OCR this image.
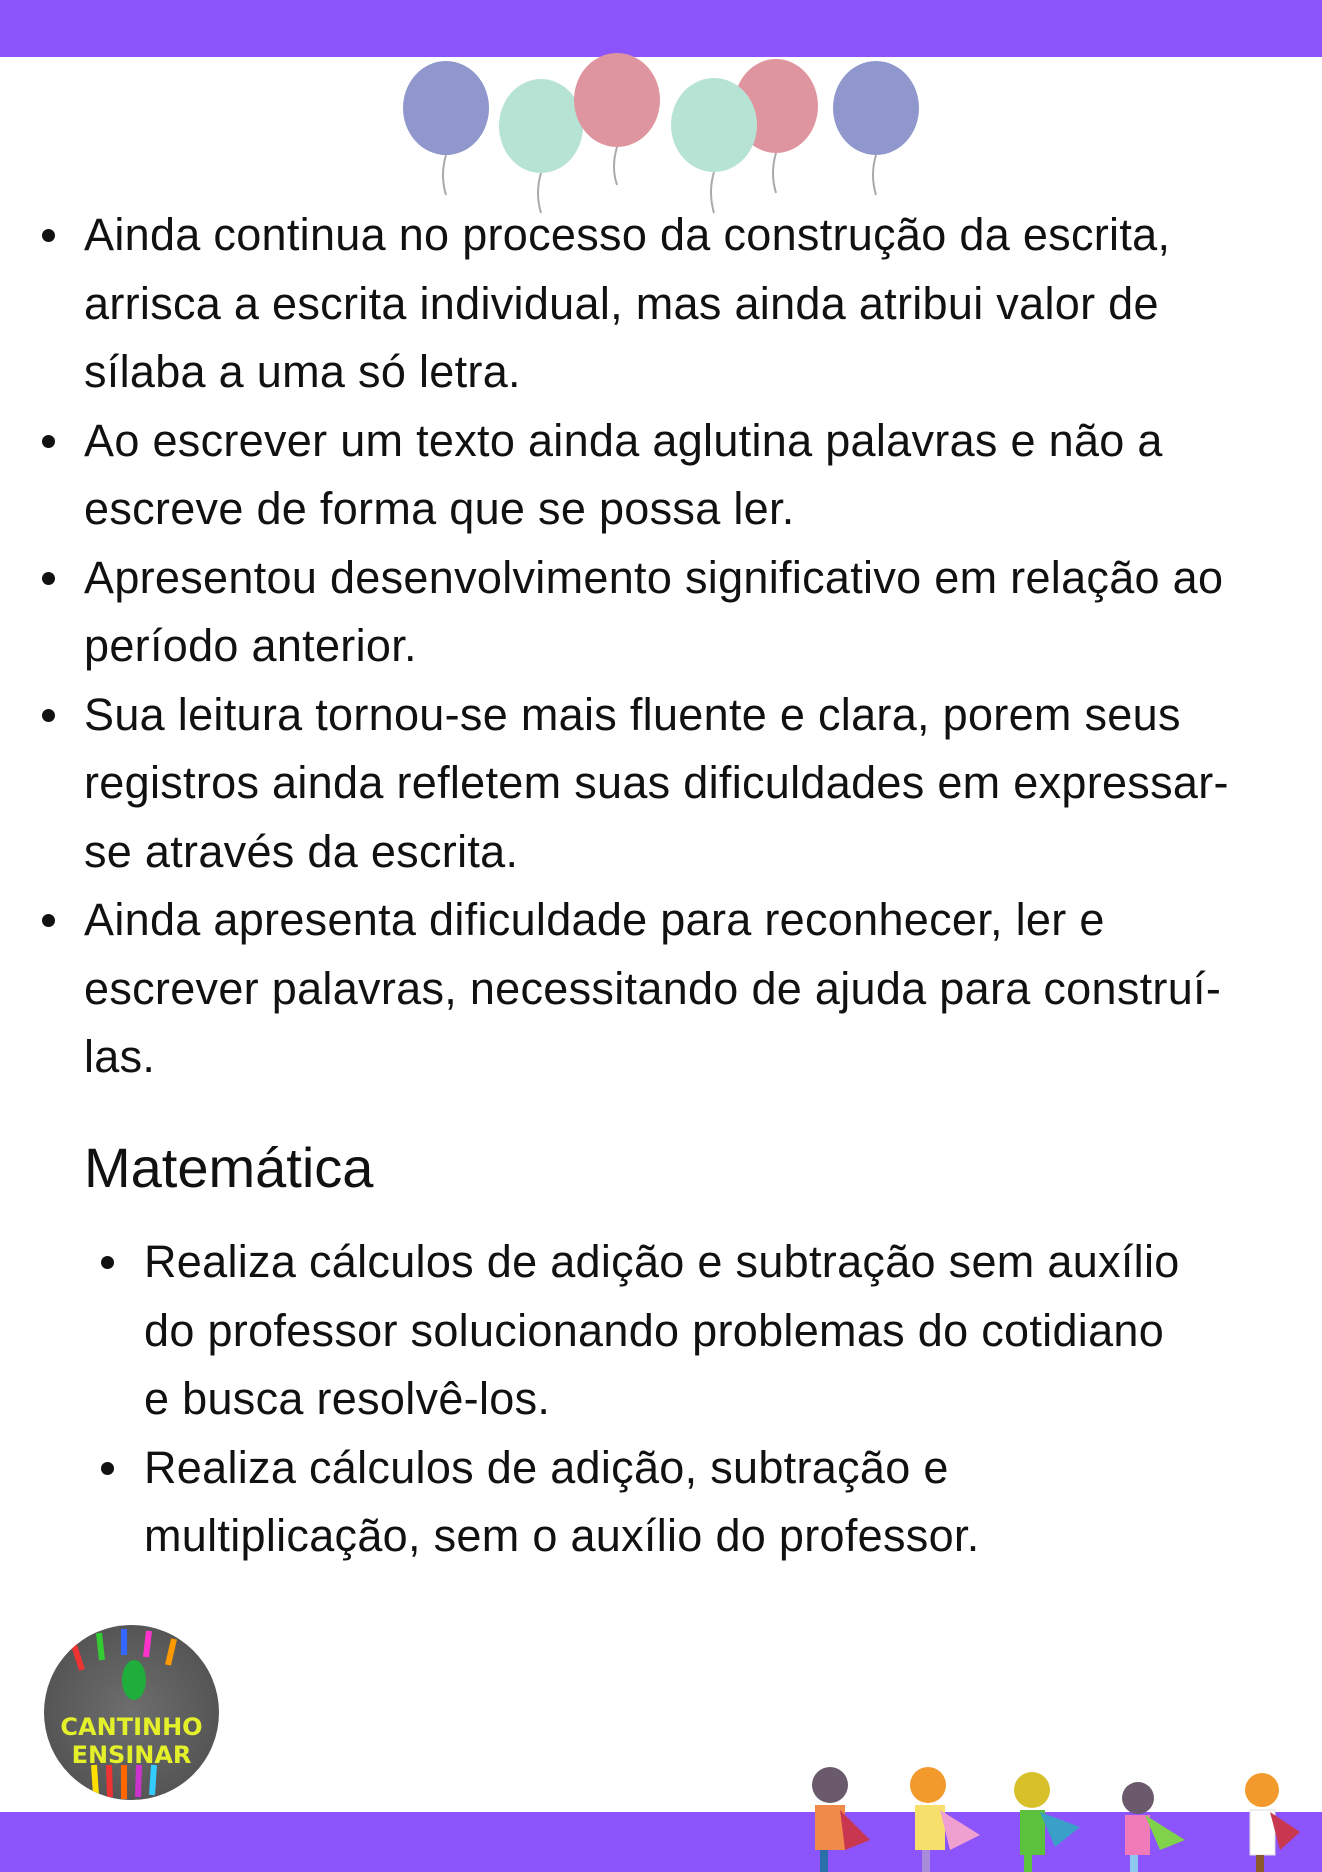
Ainda continua no processo da construção da escrita,
arrisca a escrita individual, mas ainda atribui valor de
sílaba a uma só letra.
Ao escrever um texto ainda aglutina palavras e não a
escreve de forma que se possa ler.
Apresentou desenvolvimento significativo em relação ao
período anterior.
Sua leitura tornou-se mais fluente e clara, porem seus
registros ainda refletem suas dificuldades em expressar-
se através da escrita.
Ainda apresenta dificuldade para reconhecer, ler e
escrever palavras, necessitando de ajuda para construí-
las.
Matemática
Realiza cálculos de adição e subtração sem auxílio
do professor solucionando problemas do cotidiano
e busca resolvê-los.
Realiza cálculos de adição, subtração e
multiplicação, sem o auxílio do professor.
CANTINHO
ENSINAR
